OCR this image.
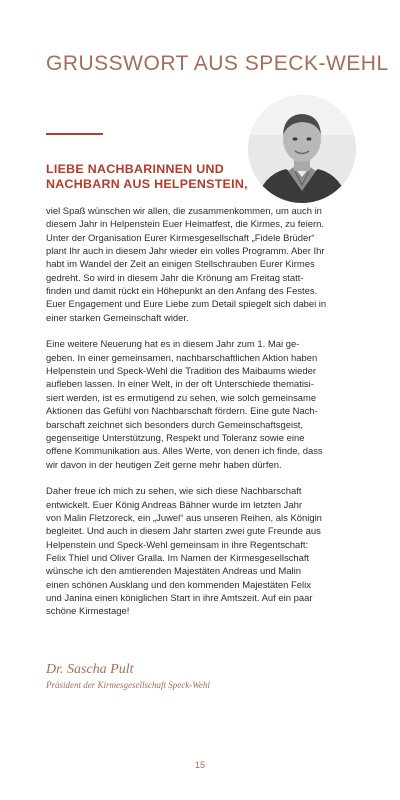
GRUSSWORT AUS SPECK-WEHL
LIEBE NACHBARINNEN UND
NACHBARN AUS HELPENSTEIN,

viel Spaß wünschen wir allen, die zusammenkommen, um auch in
diesem Jahr in Helpenstein Euer Heimatfest, die Kirmes, zu feiern.
Unter der Organisation Eurer Kirmesgesellschaft „Fidele Brüder“
plant Ihr auch in diesem Jahr wieder ein volles Programm. Aber Ihr
habt im Wandel der Zeit an einigen Stellschrauben Eurer Kirmes
gedreht. So wird in diesem Jahr die Krönung am Freitag statt-
finden und damit rückt ein Höhepunkt an den Anfang des Festes.
Euer Engagement und Eure Liebe zum Detail spiegelt sich dabei in
einer starken Gemeinschaft wider.

Eine weitere Neuerung hat es in diesem Jahr zum 1. Mai ge-
geben. In einer gemeinsamen, nachbarschaftlichen Aktion haben
Helpenstein und Speck-Wehl die Tradition des Maibaums wieder
aufleben lassen. In einer Welt, in der oft Unterschiede thematisi-
siert werden, ist es ermutigend zu sehen, wie solch gemeinsame
Aktionen das Gefühl von Nachbarschaft fördern. Eine gute Nach-
barschaft zeichnet sich besonders durch Gemeinschaftsgeist,
gegenseitige Unterstützung, Respekt und Toleranz sowie eine
offene Kommunikation aus. Alles Werte, von denen ich finde, dass
wir davon in der heutigen Zeit gerne mehr haben dürfen.

Daher freue ich mich zu sehen, wie sich diese Nachbarschaft
entwickelt. Euer König Andreas Bähner wurde im letzten Jahr
von Malin Fletzoreck, ein „Juwel“ aus unseren Reihen, als Königin
begleitet. Und auch in diesem Jahr starten zwei gute Freunde aus
Helpenstein und Speck-Wehl gemeinsam in ihre Regentschaft:
Felix Thiel und Oliver Gralla. Im Namen der Kirmesgesellschaft
wünsche ich den amtierenden Majestäten Andreas und Malin
einen schönen Ausklang und den kommenden Majestäten Felix
und Janina einen königlichen Start in ihre Amtszeit. Auf ein paar
schöne Kirmestage!

Dr. Sascha Pult
Präsident der Kirmesgesellschaft Speck-Wehl
15
